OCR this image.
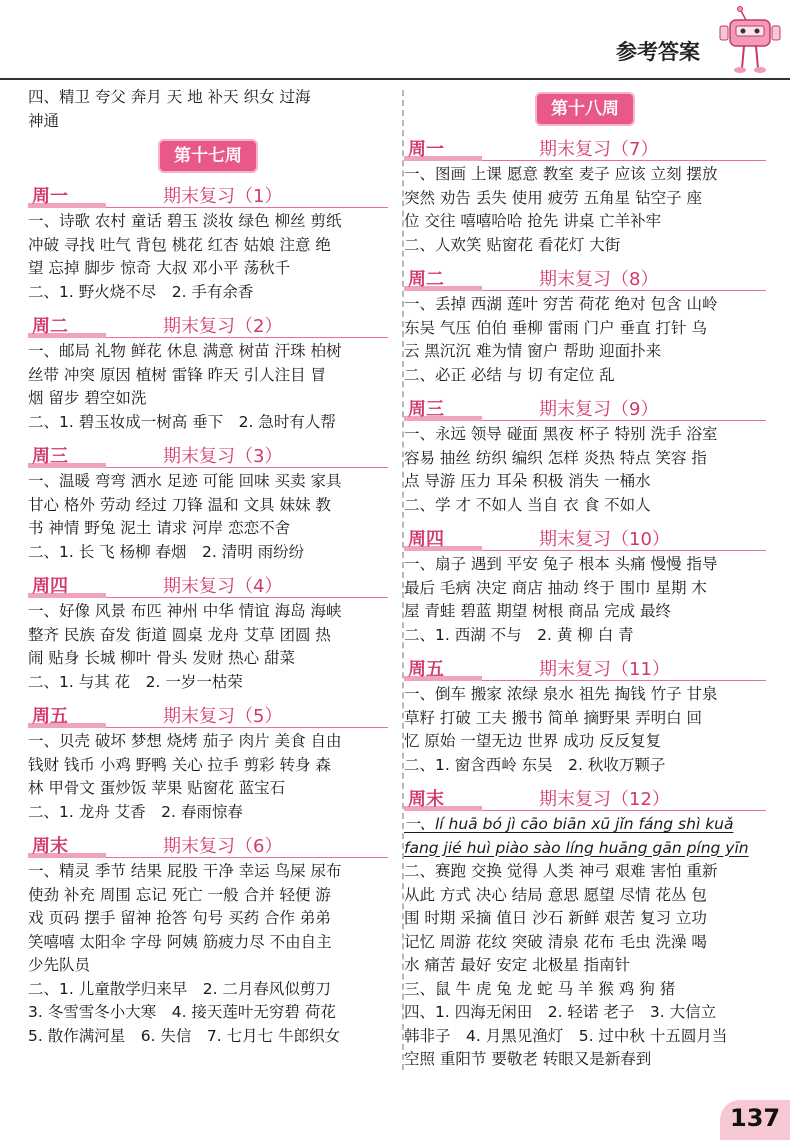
参考答案
四、精卫 夸父 奔月 天 地 补天 织女 过海
神通
第十七周
周一	期末复习（1）
一、诗歌 农村 童话 碧玉 淡妆 绿色 柳丝 剪纸
冲破 寻找 吐气 背包 桃花 红杏 姑娘 注意 绝
望 忘掉 脚步 惊奇 大叔 邓小平 荡秋千
二、1. 野火烧不尽　2. 手有余香
周二	期末复习（2）
一、邮局 礼物 鲜花 休息 满意 树苗 汗珠 柏树
丝带 冲突 原因 植树 雷锋 昨天 引人注目 冒
烟 留步 碧空如洗
二、1. 碧玉妆成一树高 垂下　2. 急时有人帮
周三	期末复习（3）
一、温暖 弯弯 洒水 足迹 可能 回味 买卖 家具
甘心 格外 劳动 经过 刀锋 温和 文具 妹妹 教
书 神情 野兔 泥土 请求 河岸 恋恋不舍
二、1. 长 飞 杨柳 春烟　2. 清明 雨纷纷
周四	期末复习（4）
一、好像 风景 布匹 神州 中华 情谊 海岛 海峡
整齐 民族 奋发 街道 圆桌 龙舟 艾草 团圆 热
闹 贴身 长城 柳叶 骨头 发财 热心 甜菜
二、1. 与其 花　2. 一岁一枯荣
周五	期末复习（5）
一、贝壳 破坏 梦想 烧烤 茄子 肉片 美食 自由
钱财 钱币 小鸡 野鸭 关心 拉手 剪彩 转身 森
林 甲骨文 蛋炒饭 苹果 贴窗花 蓝宝石
二、1. 龙舟 艾香　2. 春雨惊春
周末	期末复习（6）
一、精灵 季节 结果 屁股 干净 幸运 鸟屎 尿布
使劲 补充 周围 忘记 死亡 一般 合并 轻便 游
戏 页码 摆手 留神 抢答 句号 买药 合作 弟弟
笑嘻嘻 太阳伞 字母 阿姨 筋疲力尽 不由自主
少先队员
二、1. 儿童散学归来早　2. 二月春风似剪刀
3. 冬雪雪冬小大寒　4. 接天莲叶无穷碧 荷花
5. 散作满河星　6. 失信　7. 七月七 牛郎织女
第十八周
周一	期末复习（7）
一、图画 上课 愿意 教室 麦子 应该 立刻 摆放
突然 劝告 丢失 使用 疲劳 五角星 钻空子 座
位 交往 嘻嘻哈哈 抢先 讲桌 亡羊补牢
二、人欢笑 贴窗花 看花灯 大街
周二	期末复习（8）
一、丢掉 西湖 莲叶 穷苦 荷花 绝对 包含 山岭
东吴 气压 伯伯 垂柳 雷雨 门户 垂直 打针 乌
云 黑沉沉 难为情 窗户 帮助 迎面扑来
二、必正 必结 与 切 有定位 乱
周三	期末复习（9）
一、永远 领导 碰面 黑夜 杯子 特别 洗手 浴室
容易 抽丝 纺织 编织 怎样 炎热 特点 笑容 指
点 导游 压力 耳朵 积极 消失 一桶水
二、学 才 不如人 当自 衣 食 不如人
周四	期末复习（10）
一、扇子 遇到 平安 兔子 根本 头痛 慢慢 指导
最后 毛病 决定 商店 抽动 终于 围巾 星期 木
屋 青蛙 碧蓝 期望 树根 商品 完成 最终
二、1. 西湖 不与　2. 黄 柳 白 青
周五	期末复习（11）
一、倒车 搬家 浓绿 泉水 祖先 掏钱 竹子 甘泉
草籽 打破 工夫 搬书 简单 摘野果 弄明白 回
忆 原始 一望无边 世界 成功 反反复复
二、1. 窗含西岭 东吴　2. 秋收万颗子
周末	期末复习（12）
一、lí huā bó jì cāo biān xū jǐn fáng shì kuǎ
fang jié huì piào sào líng huāng gān píng yīn
二、赛跑 交换 觉得 人类 神弓 艰难 害怕 重新
从此 方式 决心 结局 意思 愿望 尽情 花丛 包
围 时期 采摘 值日 沙石 新鲜 艰苦 复习 立功
记忆 周游 花纹 突破 清泉 花布 毛虫 洗澡 喝
水 痛苦 最好 安定 北极星 指南针
三、鼠 牛 虎 兔 龙 蛇 马 羊 猴 鸡 狗 猪
四、1. 四海无闲田　2. 轻诺 老子　3. 大信立
韩非子　4. 月黑见渔灯　5. 过中秋 十五圆月当
空照 重阳节 要敬老 转眼又是新春到
137
